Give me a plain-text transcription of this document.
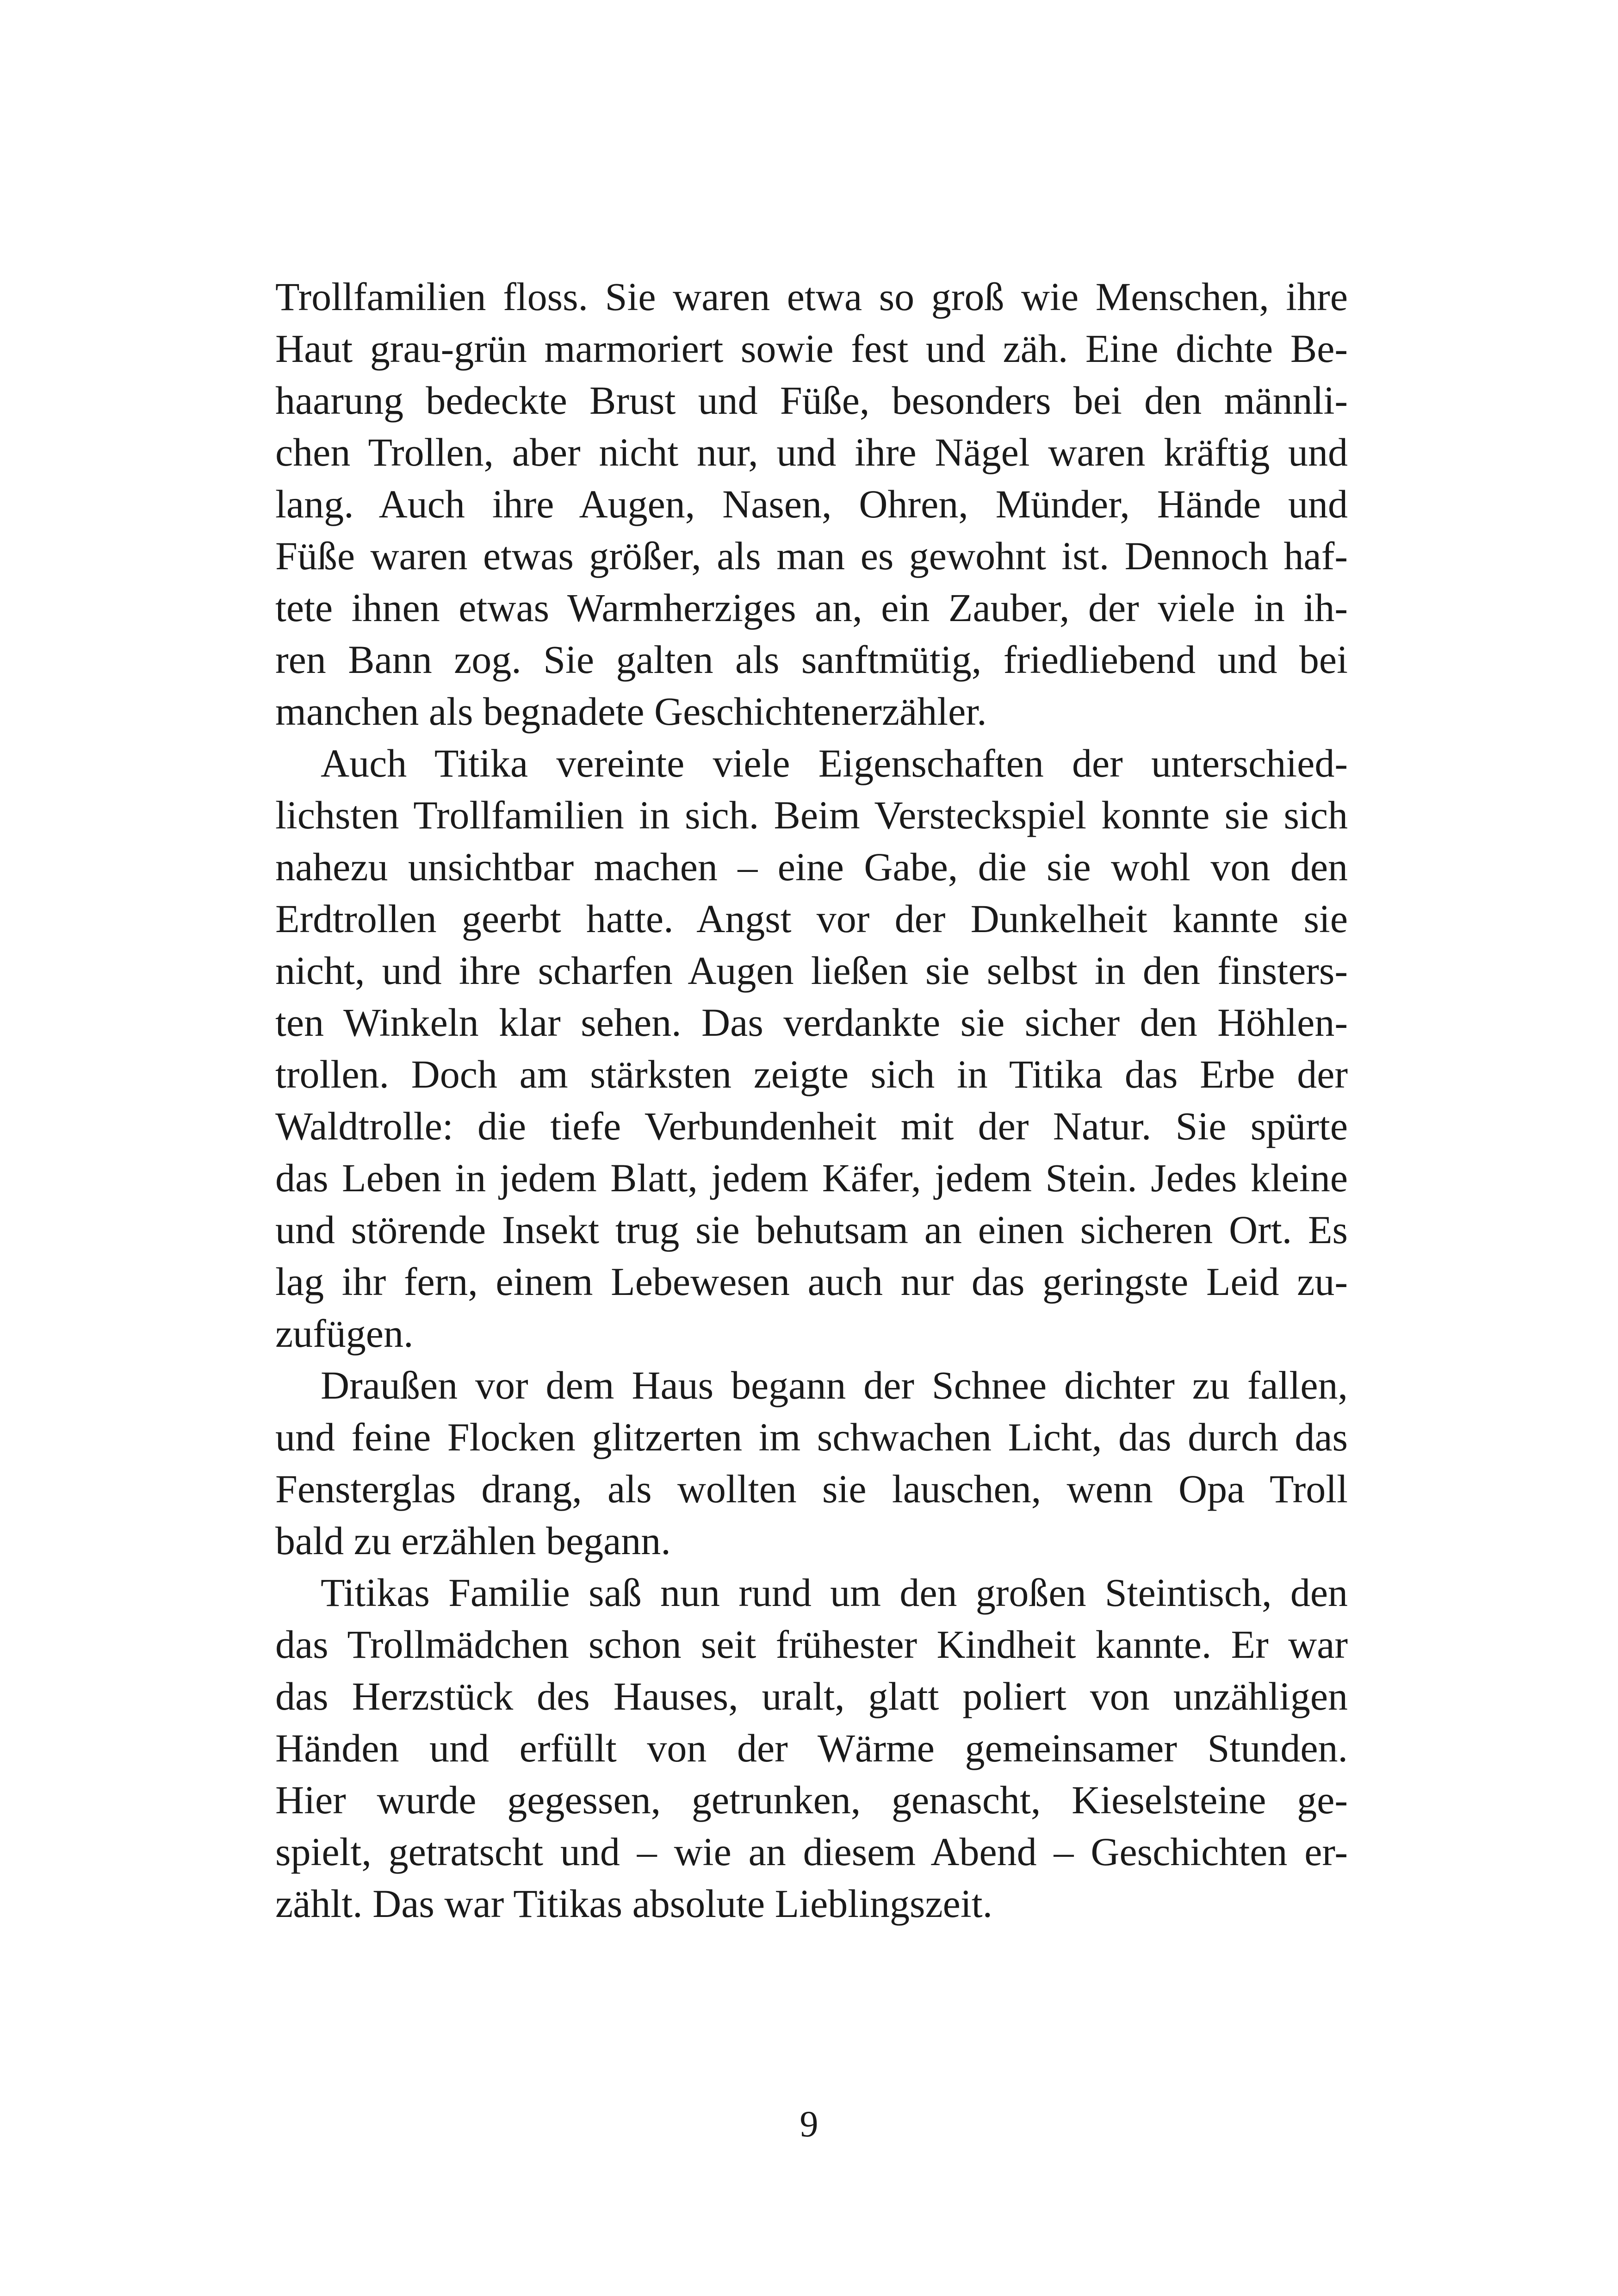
Trollfamilien floss. Sie waren etwa so groß wie Menschen, ihre
Haut grau-grün marmoriert sowie fest und zäh. Eine dichte Be-
haarung bedeckte Brust und Füße, besonders bei den männli-
chen Trollen, aber nicht nur, und ihre Nägel waren kräftig und
lang. Auch ihre Augen, Nasen, Ohren, Münder, Hände und
Füße waren etwas größer, als man es gewohnt ist. Dennoch haf-
tete ihnen etwas Warmherziges an, ein Zauber, der viele in ih-
ren Bann zog. Sie galten als sanftmütig, friedliebend und bei
manchen als begnadete Geschichtenerzähler.
Auch Titika vereinte viele Eigenschaften der unterschied-
lichsten Trollfamilien in sich. Beim Versteckspiel konnte sie sich
nahezu unsichtbar machen – eine Gabe, die sie wohl von den
Erdtrollen geerbt hatte. Angst vor der Dunkelheit kannte sie
nicht, und ihre scharfen Augen ließen sie selbst in den finsters-
ten Winkeln klar sehen. Das verdankte sie sicher den Höhlen-
trollen. Doch am stärksten zeigte sich in Titika das Erbe der
Waldtrolle: die tiefe Verbundenheit mit der Natur. Sie spürte
das Leben in jedem Blatt, jedem Käfer, jedem Stein. Jedes kleine
und störende Insekt trug sie behutsam an einen sicheren Ort. Es
lag ihr fern, einem Lebewesen auch nur das geringste Leid zu-
zufügen.
Draußen vor dem Haus begann der Schnee dichter zu fallen,
und feine Flocken glitzerten im schwachen Licht, das durch das
Fensterglas drang, als wollten sie lauschen, wenn Opa Troll
bald zu erzählen begann.
Titikas Familie saß nun rund um den großen Steintisch, den
das Trollmädchen schon seit frühester Kindheit kannte. Er war
das Herzstück des Hauses, uralt, glatt poliert von unzähligen
Händen und erfüllt von der Wärme gemeinsamer Stunden.
Hier wurde gegessen, getrunken, genascht, Kieselsteine ge-
spielt, getratscht und – wie an diesem Abend – Geschichten er-
zählt. Das war Titikas absolute Lieblingszeit.
9
